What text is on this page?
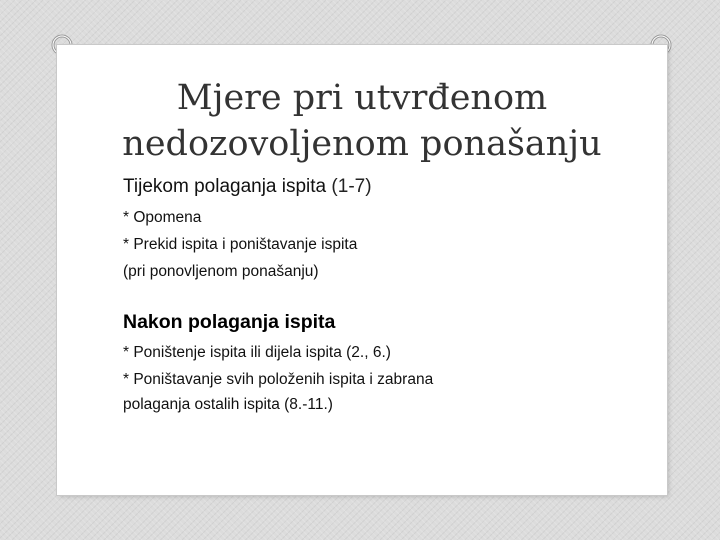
Mjere pri utvrđenom
nedozovoljenom ponašanju

Tijekom polaganja ispita (1-7)

* Opomena

* Prekid ispita i poništavanje ispita

(pri ponovljenom ponašanju)

Nakon polaganja ispita

* Poništenje ispita ili dijela ispita (2., 6.)

* Poništavanje svih položenih ispita i zabrana

polaganja ostalih ispita (8.-11.)
